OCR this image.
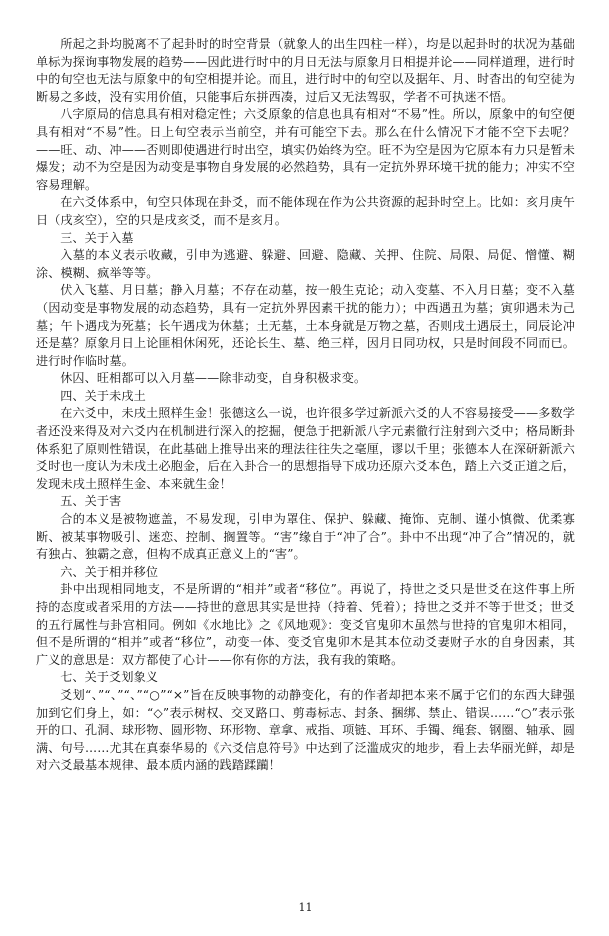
所起之卦均脱离不了起卦时的时空背景（就象人的出生四柱一样），均是以起卦时的状况为基础单标为探询事物发展的趋势——因此进行时中的月日无法与原象月日相提并论——同样道理，进行时中的旬空也无法与原象中的旬空相提并论。而且，进行时中的旬空以及据年、月、时杳出的旬空徒为断易之多歧，没有实用价值，只能事后东拼西凑，过后又无法驾驭，学者不可执迷不悟。

八字原局的信息具有相对稳定性；六爻原象的信息也具有相对“不易”性。所以，原象中的旬空便具有相对“不易”性。日上旬空表示当前空，并有可能空下去。那么在什么情况下才能不空下去呢？——旺、动、冲——否则即使遇进行时出空，填实仍始终为空。旺不为空是因为它原本有力只是暂未爆发；动不为空是因为动变是事物自身发展的必然趋势，具有一定抗外界环境干扰的能力；冲实不空容易理解。

在六爻体系中，旬空只体现在卦爻，而不能体现在作为公共资源的起卦时空上。比如：亥月庚午日（戌亥空），空的只是戌亥爻，而不是亥月。

三、关于入墓

入墓的本义表示收藏，引申为逃避、躲避、回避、隐藏、关押、住院、局限、局促、憎懂、糊涂、模糊、疯举等等。

伏入飞墓、月日墓；静入月墓；不存在动墓，按一般生克论；动入变墓、不入月日墓；变不入墓（因动变是事物发展的动态趋势，具有一定抗外界因素干扰的能力）；中西遇丑为墓；寅卯遇未为己墓；午卜遇戌为死墓；长午遇戌为休墓；土无墓，土本身就是万物之墓，否则戌土遇辰土，同辰论冲还是墓？原象月日上论匪相休闲死，还论长生、墓、绝三样，因月日同功权，只是时间段不同而已。进行时作临时墓。

休囚、旺相都可以入月墓——除非动变，自身积极求变。

四、关于未戌土

在六爻中，未戌土照样生金！张德这么一说，也许很多学过新派六爻的人不容易接受——多数学者还没来得及对六爻内在机制进行深入的挖掘，便急于把新派八字元素徹行注射到六爻中；格局断卦体系犯了原则性错误，在此基础上推导出来的理法往往失之毫厘，谬以千里；张德本人在深研新派六爻时也一度认为未戌土必胞金，后在入卦合一的思想指导下成功还原六爻本色，踏上六爻正道之后，发现未戌土照样生金、本来就生金！

五、关于害

合的本义是被物遮盖，不易发现，引申为罩住、保护、躲藏、掩饰、克制、谨小慎微、优柔寡断、被某事物吸引、迷恋、控制、搁置等。“害”缘自于“冲了合”。卦中不出现“冲了合”情况的，就有独占、独霸之意，但构不成真正意义上的“害”。

六、关于相并移位

卦中出现相同地支，不是所谓的“相并”或者“移位”。再说了，持世之爻只是世爻在这件事上所持的态度或者采用的方法——持世的意思其实是世持（持着、凭着）；持世之爻并不等于世爻；世爻的五行属性与卦宫相同。例如《水地比》之《风地观》：变爻官鬼卯木虽然与世持的官鬼卯木相同，但不是所谓的“相并”或者“移位”，动变一体、变爻官鬼卯木是其本位动爻妻财子水的自身因素，其广义的意思是：双方都使了心计——你有你的方法，我有我的策略。

七、关于爻划象义

爻划“、”“、”“、”“○”“×”旨在反映事物的动静变化，有的作者却把本来不属于它们的东西大肆强加到它们身上，如：“◇”表示树权、交叉路口、剪毒标志、封条、捆绑、禁止、错误……“○”表示张开的口、孔洞、球形物、圆形物、环形物、章拿、戒指、项链、耳环、手镯、绳套、钢圈、轴承、圆满、句号……尤其在真泰华易的《六爻信息符号》中达到了泛滥成灾的地步，看上去华丽光鲜，却是对六爻最基本规律、最本质内涵的践踏蹂躏！

11
